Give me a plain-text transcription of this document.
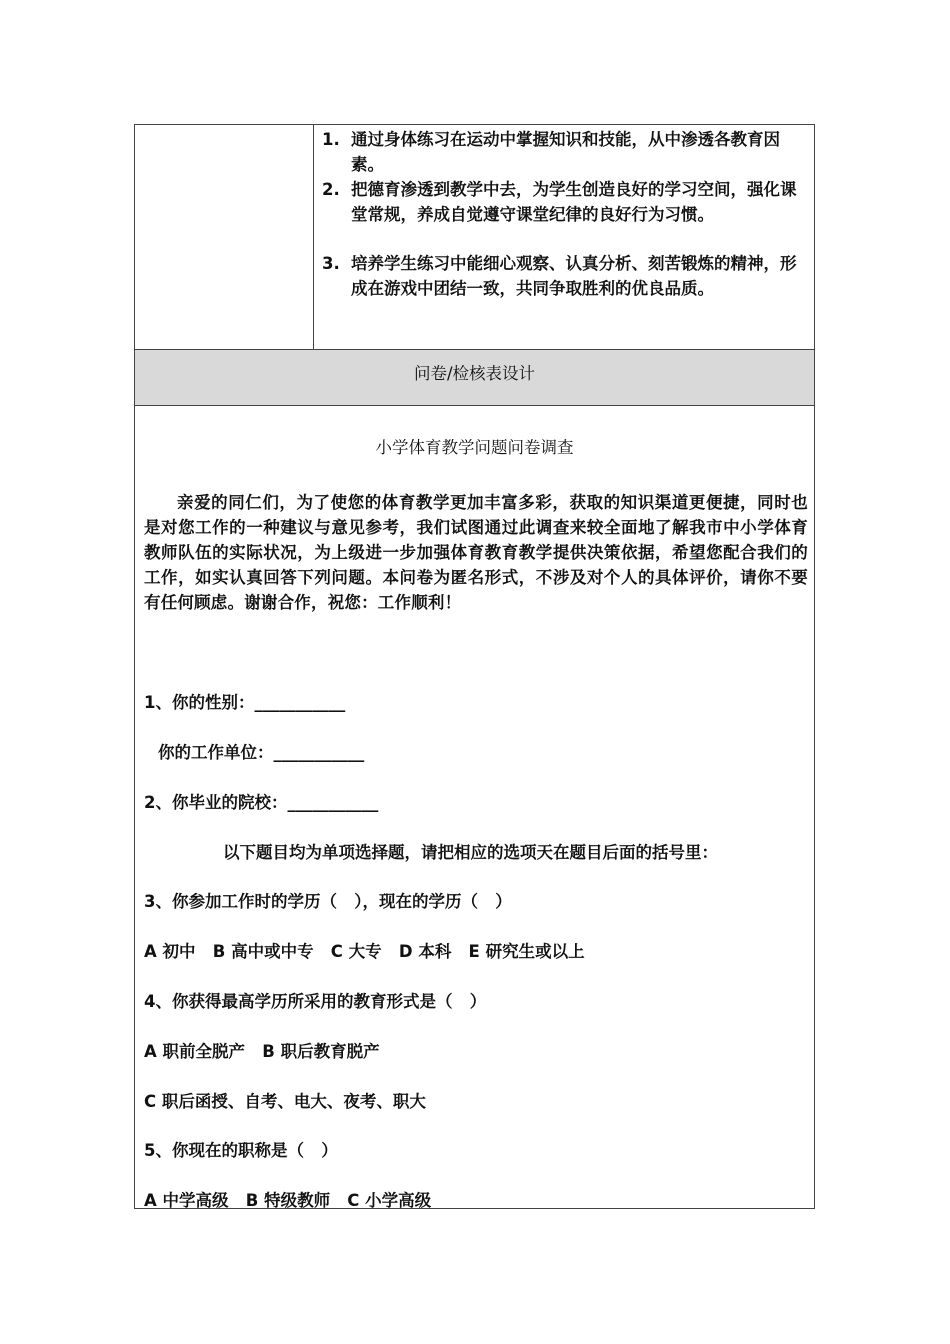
1. 通过身体练习在运动中掌握知识和技能，从中渗透各教育因素。
2. 把德育渗透到教学中去，为学生创造良好的学习空间，强化课堂常规，养成自觉遵守课堂纪律的良好行为习惯。
3. 培养学生练习中能细心观察、认真分析、刻苦锻炼的精神，形成在游戏中团结一致，共同争取胜利的优良品质。
问卷/检核表设计
小学体育教学问题问卷调查
亲爱的同仁们，为了使您的体育教学更加丰富多彩，获取的知识渠道更便捷，同时也是对您工作的一种建议与意见参考，我们试图通过此调查来较全面地了解我市中小学体育教师队伍的实际状况，为上级进一步加强体育教育教学提供决策依据，希望您配合我们的工作，如实认真回答下列问题。本问卷为匿名形式，不涉及对个人的具体评价，请你不要有任何顾虑。谢谢合作，祝您：工作顺利！
1、你的性别：___________
你的工作单位：___________
2、你毕业的院校：___________
以下题目均为单项选择题，请把相应的选项天在题目后面的括号里：
3、你参加工作时的学历（   ），现在的学历（   ）
A 初中   B 高中或中专   C 大专   D 本科   E 研究生或以上
4、你获得最高学历所采用的教育形式是（   ）
A 职前全脱产   B 职后教育脱产
C 职后函授、自考、电大、夜考、职大
5、你现在的职称是（   ）
A 中学高级   B 特级教师   C 小学高级
